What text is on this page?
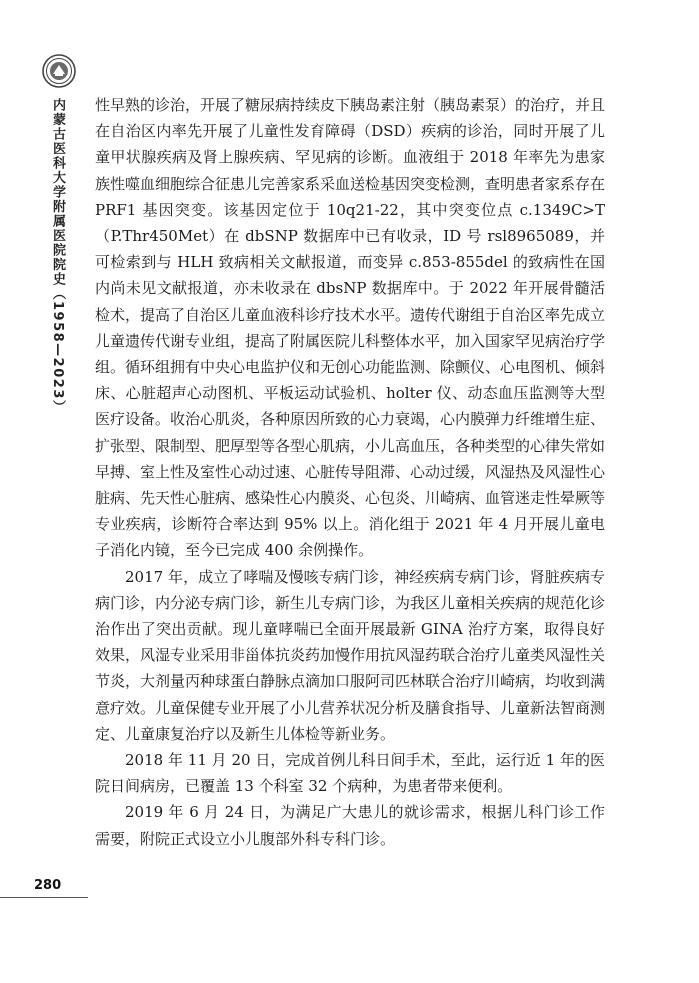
内蒙古医科大学附属医院院史（1958—2023） 性早熟的诊治，开展了糖尿病持续皮下胰岛素注射（胰岛素泵）的治疗，并且在自治区内率先开展了儿童性发育障碍（DSD）疾病的诊治，同时开展了儿童甲状腺疾病及肾上腺疾病、罕见病的诊断。血液组于 2018 年率先为患家族性噬血细胞综合征患儿完善家系采血送检基因突变检测，查明患者家系存在 PRF1 基因突变。该基因定位于 10q21-22，其中突变位点 c.1349C>T（P.Thr450Met）在 dbSNP 数据库中已有收录，ID 号 rsl8965089，并可检索到与 HLH 致病相关文献报道，而变异 c.853-855del 的致病性在国内尚未见文献报道，亦未收录在 dbsNP 数据库中。于 2022 年开展骨髓活检术，提高了自治区儿童血液科诊疗技术水平。遗传代谢组于自治区率先成立儿童遗传代谢专业组，提高了附属医院儿科整体水平，加入国家罕见病治疗学组。循环组拥有中央心电监护仪和无创心功能监测、除颤仪、心电图机、倾斜床、心脏超声心动图机、平板运动试验机、holter 仪、动态血压监测等大型医疗设备。收治心肌炎，各种原因所致的心力衰竭，心内膜弹力纤维增生症、扩张型、限制型、肥厚型等各型心肌病，小儿高血压，各种类型的心律失常如早搏、室上性及室性心动过速、心脏传导阻滞、心动过缓，风湿热及风湿性心脏病、先天性心脏病、感染性心内膜炎、心包炎、川崎病、血管迷走性晕厥等专业疾病，诊断符合率达到 95% 以上。消化组于 2021 年 4 月开展儿童电子消化内镜，至今已完成 400 余例操作。

2017 年，成立了哮喘及慢咳专病门诊，神经疾病专病门诊，肾脏疾病专病门诊，内分泌专病门诊，新生儿专病门诊，为我区儿童相关疾病的规范化诊治作出了突出贡献。现儿童哮喘已全面开展最新 GINA 治疗方案，取得良好效果，风湿专业采用非甾体抗炎药加慢作用抗风湿药联合治疗儿童类风湿性关节炎，大剂量丙种球蛋白静脉点滴加口服阿司匹林联合治疗川崎病，均收到满意疗效。儿童保健专业开展了小儿营养状况分析及膳食指导、儿童新法智商测定、儿童康复治疗以及新生儿体检等新业务。

2018 年 11 月 20 日，完成首例儿科日间手术，至此，运行近 1 年的医院日间病房，已覆盖 13 个科室 32 个病种，为患者带来便利。

2019 年 6 月 24 日，为满足广大患儿的就诊需求，根据儿科门诊工作需要，附院正式设立小儿腹部外科专科门诊。

280
